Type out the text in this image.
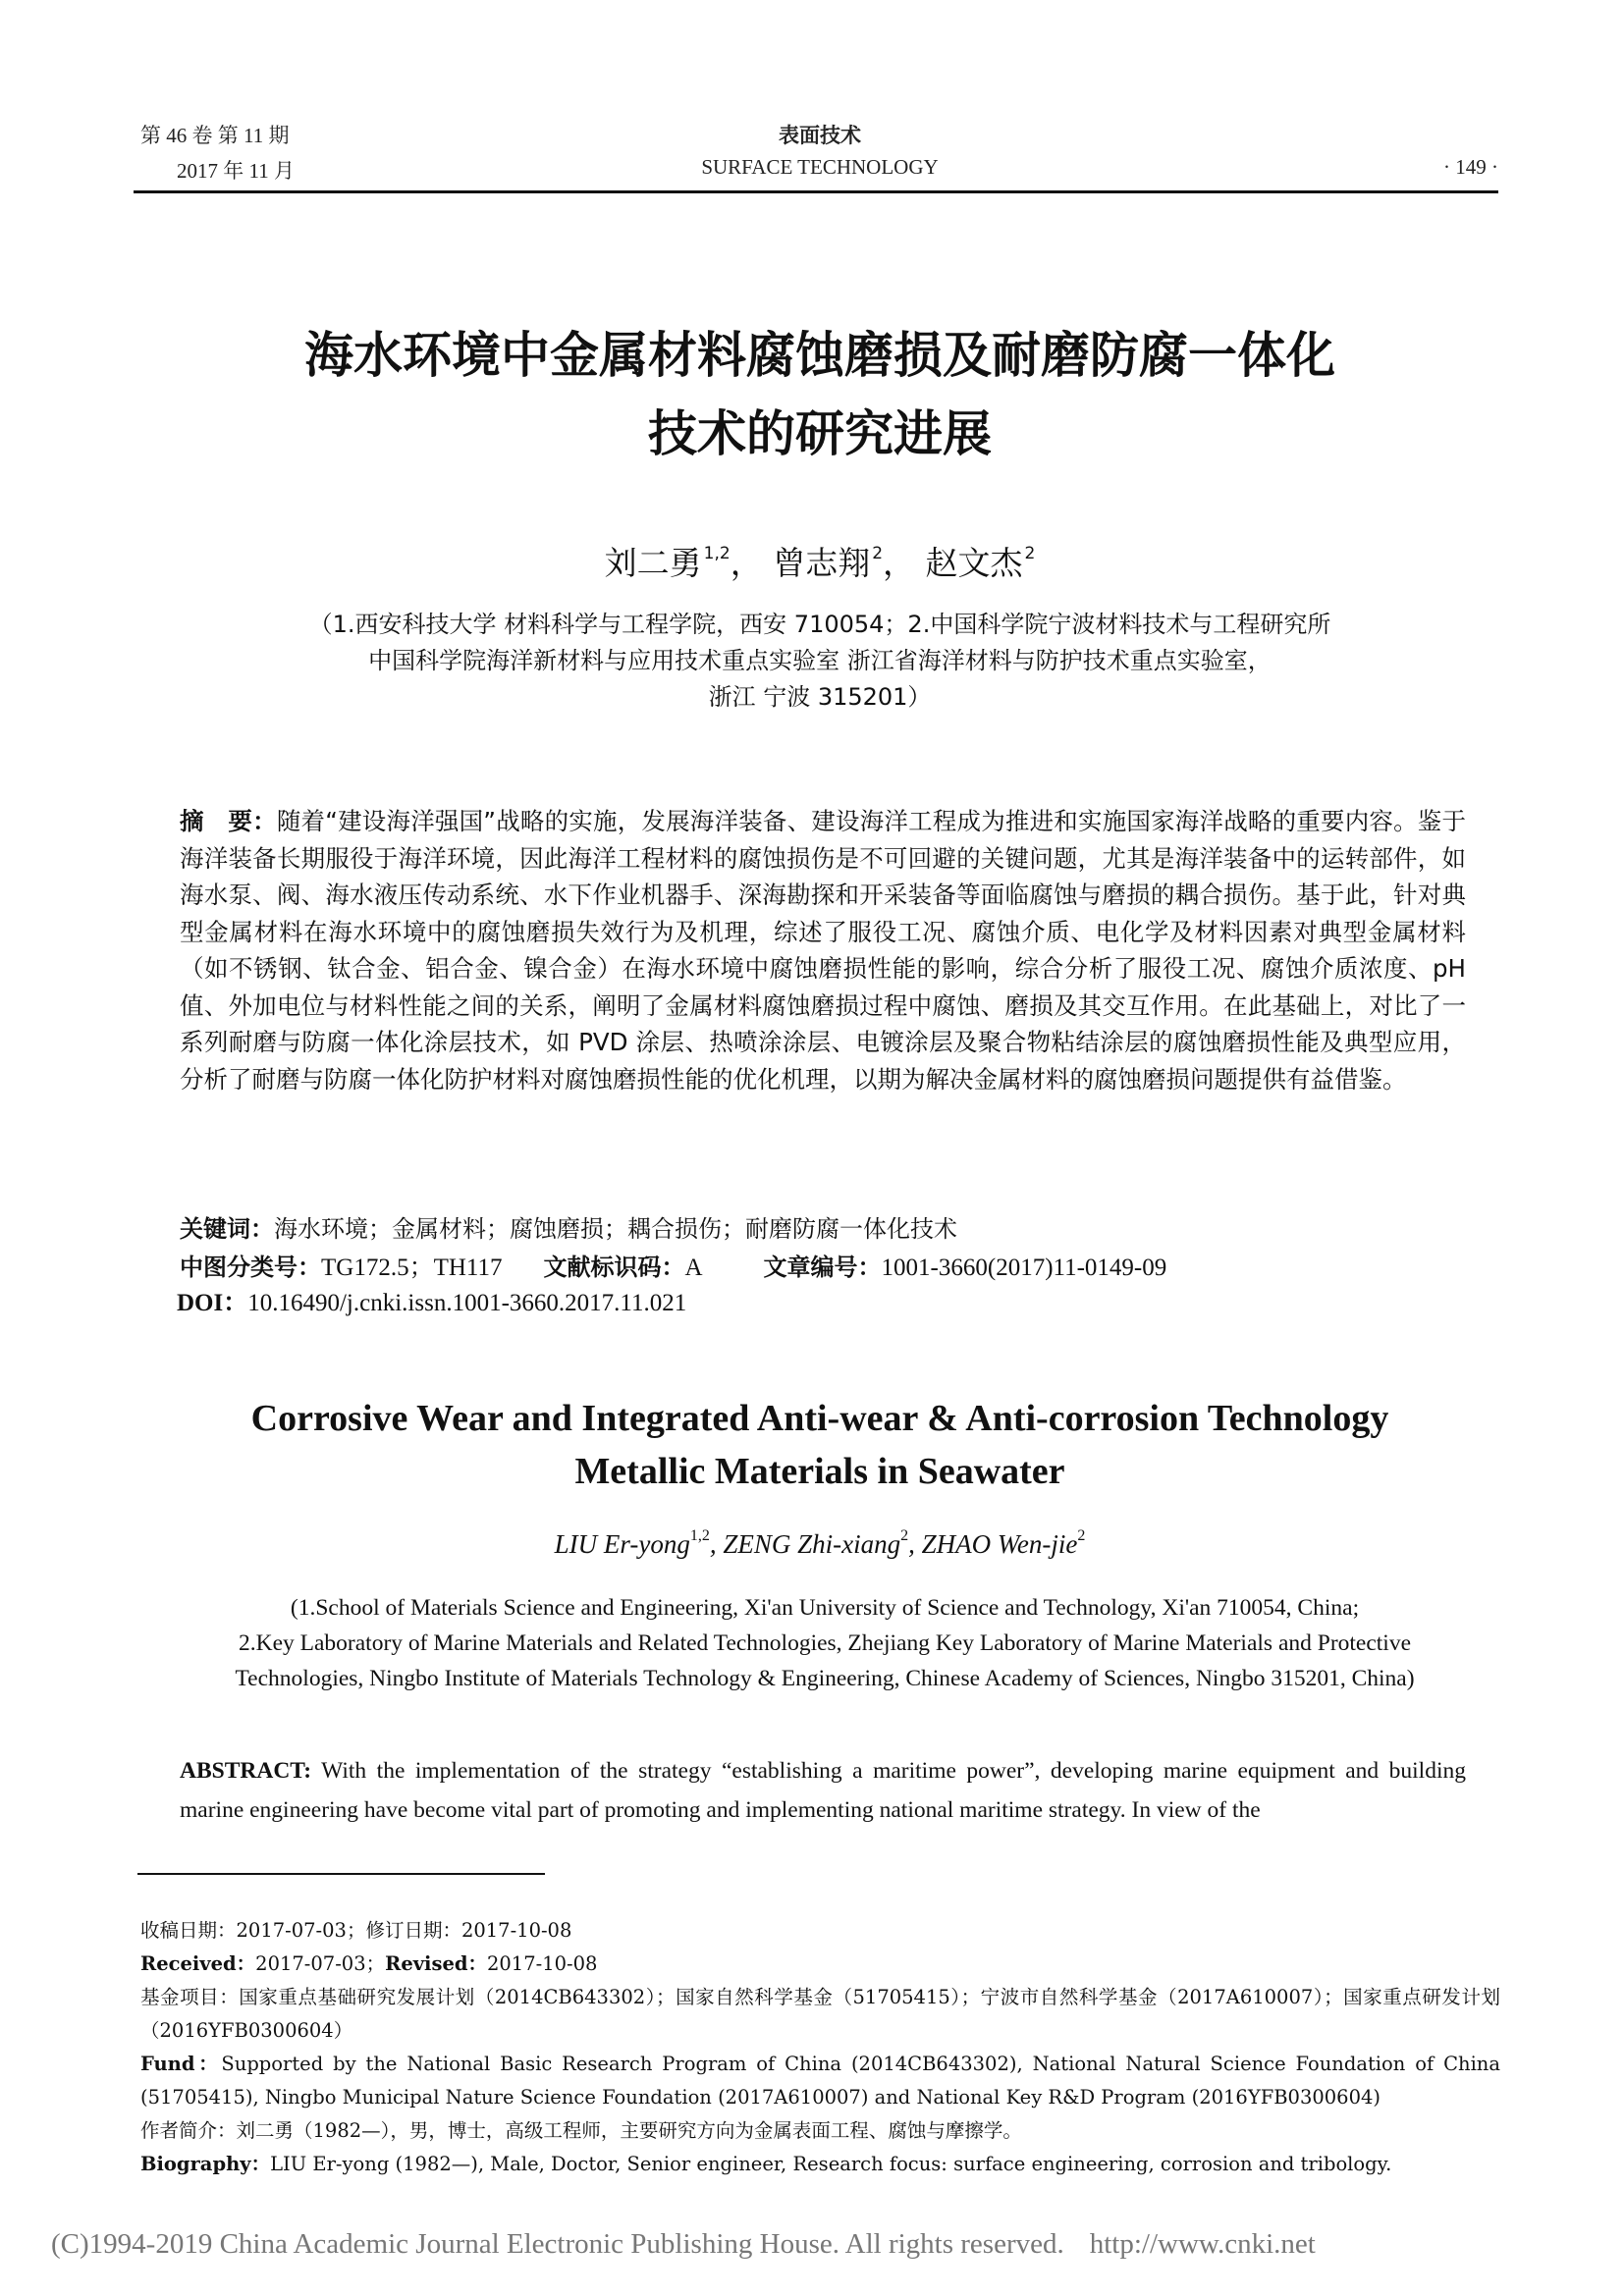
第 46 卷 第 11 期
2017 年 11 月
表面技术
SURFACE TECHNOLOGY	· 149 ·
海水环境中金属材料腐蚀磨损及耐磨防腐一体化
技术的研究进展
刘二勇 $^{1,2}$， 曾志翔 $^2$， 赵文杰 $^2$
（1.西安科技大学 材料科学与工程学院，西安 710054；2.中国科学院宁波材料技术与工程研究所
中国科学院海洋新材料与应用技术重点实验室 浙江省海洋材料与防护技术重点实验室，
浙江 宁波 315201）
摘　要：随着“建设海洋强国”战略的实施，发展海洋装备、建设海洋工程成为推进和实施国家海洋战略的重要内容。鉴于海洋装备长期服役于海洋环境，因此海洋工程材料的腐蚀损伤是不可回避的关键问题，尤其是海洋装备中的运转部件，如海水泵、阀、海水液压传动系统、水下作业机器手、深海勘探和开采装备等面临腐蚀与磨损的耦合损伤。基于此，针对典型金属材料在海水环境中的腐蚀磨损失效行为及机理，综述了服役工况、腐蚀介质、电化学及材料因素对典型金属材料（如不锈钢、钛合金、铝合金、镍合金）在海水环境中腐蚀磨损性能的影响，综合分析了服役工况、腐蚀介质浓度、pH 值、外加电位与材料性能之间的关系，阐明了金属材料腐蚀磨损过程中腐蚀、磨损及其交互作用。在此基础上，对比了一系列耐磨与防腐一体化涂层技术，如 PVD 涂层、热喷涂涂层、电镀涂层及聚合物粘结涂层的腐蚀磨损性能及典型应用，分析了耐磨与防腐一体化防护材料对腐蚀磨损性能的优化机理，以期为解决金属材料的腐蚀磨损问题提供有益借鉴。
关键词：海水环境；金属材料；腐蚀磨损；耦合损伤；耐磨防腐一体化技术
中图分类号：TG172.5；TH117 文献标识码：A	文章编号：1001-3660(2017)11-0149-09
DOI：10.16490/j.cnki.issn.1001-3660.2017.11.021
Corrosive Wear and Integrated Anti-wear & Anti-corrosion Technology
Metallic Materials in Seawater
LIU Er-yong$^{1,2}$, ZENG Zhi-xiang$^2$, ZHAO Wen-jie$^2$
(1.School of Materials Science and Engineering, Xi'an University of Science and Technology, Xi'an 710054, China;
2.Key Laboratory of Marine Materials and Related Technologies, Zhejiang Key Laboratory of Marine Materials and Protective
Technologies, Ningbo Institute of Materials Technology & Engineering, Chinese Academy of Sciences, Ningbo 315201, China)
ABSTRACT: With the implementation of the strategy “establishing a maritime power”, developing marine equipment and building marine engineering have become vital part of promoting and implementing national maritime strategy. In view of the
收稿日期：2017-07-03；修订日期：2017-10-08
Received：2017-07-03；Revised：2017-10-08
基金项目：国家重点基础研究发展计划（2014CB643302）；国家自然科学基金（51705415）；宁波市自然科学基金（2017A610007）；国家重点研发计划（2016YFB0300604）
Fund：Supported by the National Basic Research Program of China (2014CB643302), National Natural Science Foundation of China (51705415), Ningbo Municipal Nature Science Foundation (2017A610007) and National Key R&D Program (2016YFB0300604)
作者简介：刘二勇（1982—），男，博士，高级工程师，主要研究方向为金属表面工程、腐蚀与摩擦学。
Biography：LIU Er-yong (1982—), Male, Doctor, Senior engineer, Research focus: surface engineering, corrosion and tribology.
(C)1994-2019 China Academic Journal Electronic Publishing House. All rights reserved. http://www.cnki.net
